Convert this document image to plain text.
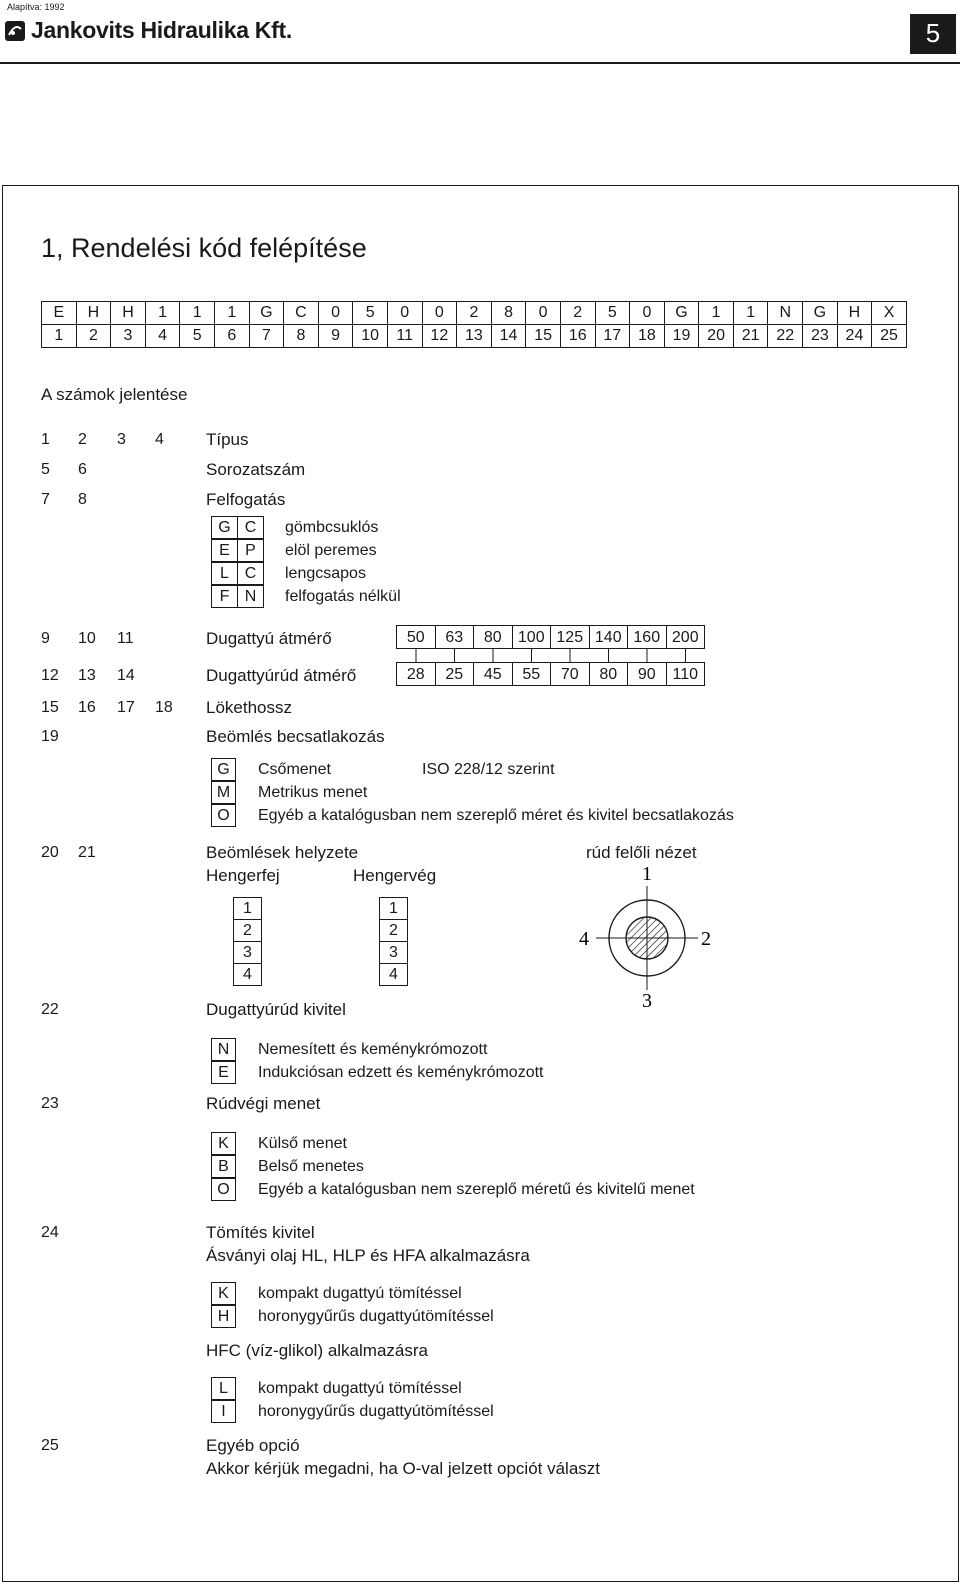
Alapítva: 1992
Jankovits Hidraulika Kft.	5
1, Rendelési kód felépítése
E	H	H	1	1	1	G	C	0	5	0	0	2	8	0	2	5	0	G	1	1	N	G	H	X
1	2	3	4	5	6	7	8	9	10	11	12	13	14	15	16	17	18	19	20	21	22	23	24	25
A számok jelentése
1 2 3 4 Típus
5 6	Sorozatszám
7 8	Felfogatás
G C	gömbcsuklós
E P	elöl peremes
L C	lengcsapos
F N	felfogatás nélkül
9 10 11	Dugattyú átmérő	50	63	80	100 125 140 160 200
12 13 14	Dugattyúrúd átmérő	28	25	45	55	70	80	90	110
15 16 17 18 Lökethossz
19	Beömlés becsatlakozás
G	Csőmenet	ISO 228/12 szerint
M	Metrikus menet
O	Egyéb a katalógusban nem szereplő méret és kivitel becsatlakozás
20 21	Beömlések helyzete	rúd felőli nézet
Hengerfej	Hengervég
1
2
3
4
1
2
3
4
1
2
3
4
22	Dugattyúrúd kivitel
N	Nemesített és keménykrómozott
E	Indukciósan edzett és keménykrómozott
23	Rúdvégi menet
K	Külső menet
B	Belső menetes
O	Egyéb a katalógusban nem szereplő méretű és kivitelű menet
24	Tömítés kivitel
Ásványi olaj HL, HLP és HFA alkalmazásra
K	kompakt dugattyú tömítéssel
H	horonygyűrűs dugattyútömítéssel
HFC (víz-glikol) alkalmazásra
L	kompakt dugattyú tömítéssel
I	horonygyűrűs dugattyútömítéssel
25	Egyéb opció
Akkor kérjük megadni, ha O-val jelzett opciót választ
